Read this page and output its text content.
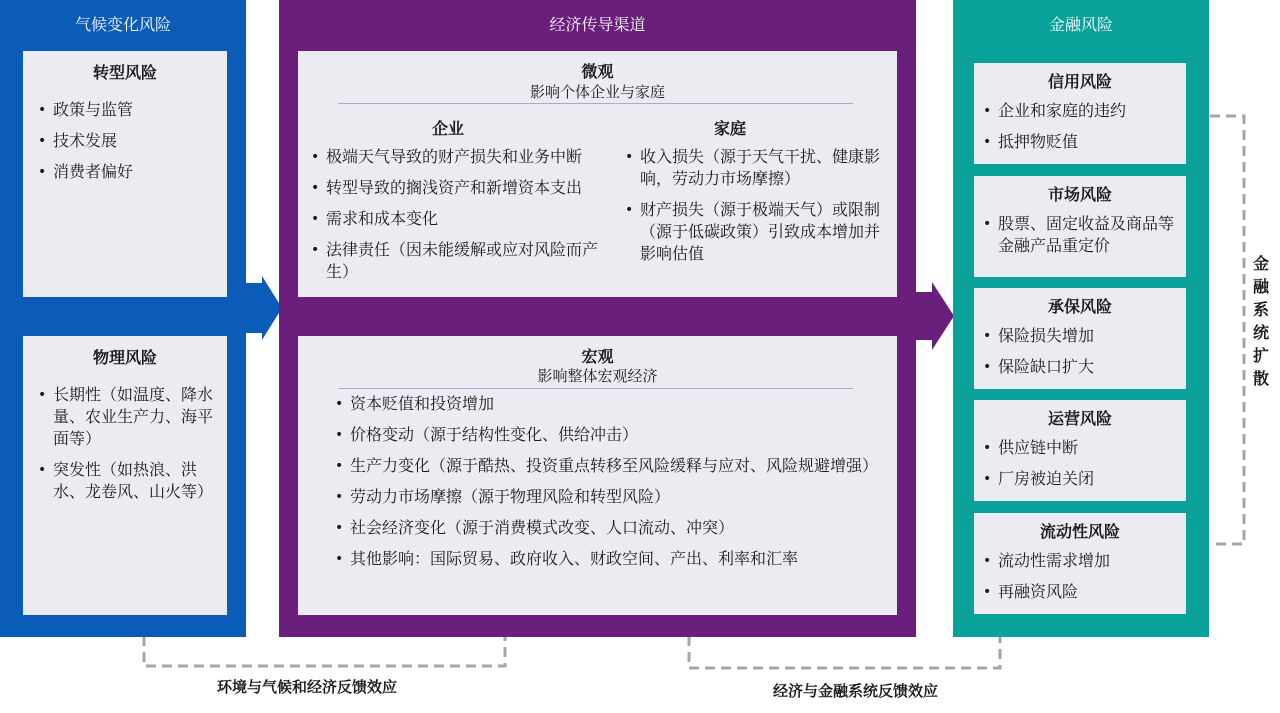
气候变化风险
转型风险
• 政策与监管
• 技术发展
• 消费者偏好
物理风险
• 长期性（如温度、降水量、农业生产力、海平面等）
• 突发性（如热浪、洪水、龙卷风、山火等）
经济传导渠道
微观
影响个体企业与家庭
企业
• 极端天气导致的财产损失和业务中断
• 转型导致的搁浅资产和新增资本支出
• 需求和成本变化
• 法律责任（因未能缓解或应对风险而产生）
家庭
• 收入损失（源于天气干扰、健康影响，劳动力市场摩擦）
• 财产损失（源于极端天气）或限制（源于低碳政策）引致成本增加并影响估值
宏观
影响整体宏观经济
• 资本贬值和投资增加
• 价格变动（源于结构性变化、供给冲击）
• 生产力变化（源于酷热、投资重点转移至风险缓释与应对、风险规避增强）
• 劳动力市场摩擦（源于物理风险和转型风险）
• 社会经济变化（源于消费模式改变、人口流动、冲突）
• 其他影响：国际贸易、政府收入、财政空间、产出、利率和汇率
金融风险
信用风险
• 企业和家庭的违约
• 抵押物贬值
市场风险
• 股票、固定收益及商品等金融产品重定价
承保风险
• 保险损失增加
• 保险缺口扩大
运营风险
• 供应链中断
• 厂房被迫关闭
流动性风险
• 流动性需求增加
• 再融资风险
金融系统扩散
环境与气候和经济反馈效应	经济与金融系统反馈效应
